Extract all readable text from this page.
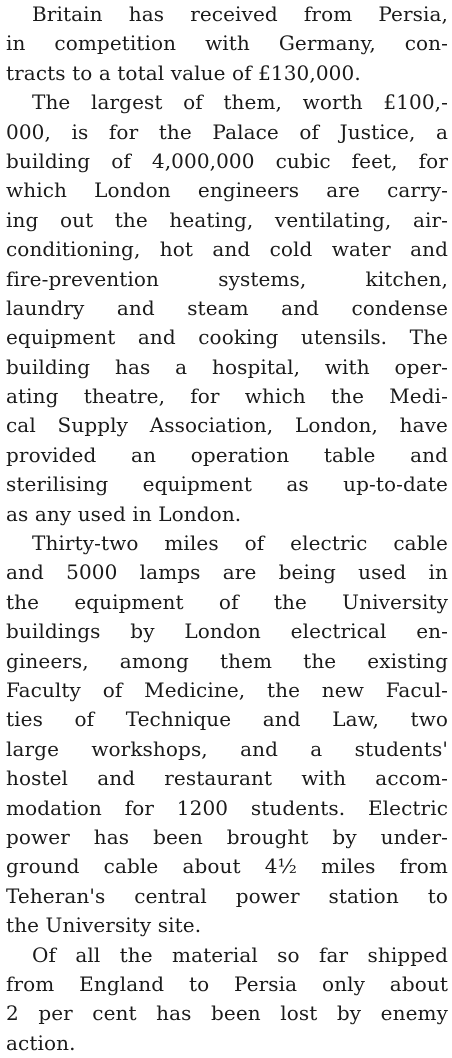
Britain has received from Persia,
in competition with Germany, con-
tracts to a total value of £130,000.
The largest of them, worth £100,-
000, is for the Palace of Justice, a
building of 4,000,000 cubic feet, for
which London engineers are carry-
ing out the heating, ventilating, air-
conditioning, hot and cold water and
fire-prevention systems, kitchen,
laundry and steam and condense
equipment and cooking utensils. The
building has a hospital, with oper-
ating theatre, for which the Medi-
cal Supply Association, London, have
provided an operation table and
sterilising equipment as up-to-date
as any used in London.
Thirty-two miles of electric cable
and 5000 lamps are being used in
the equipment of the University
buildings by London electrical en-
gineers, among them the existing
Faculty of Medicine, the new Facul-
ties of Technique and Law, two
large workshops, and a students'
hostel and restaurant with accom-
modation for 1200 students. Electric
power has been brought by under-
ground cable about 4½ miles from
Teheran's central power station to
the University site.
Of all the material so far shipped
from England to Persia only about
2 per cent has been lost by enemy
action.
